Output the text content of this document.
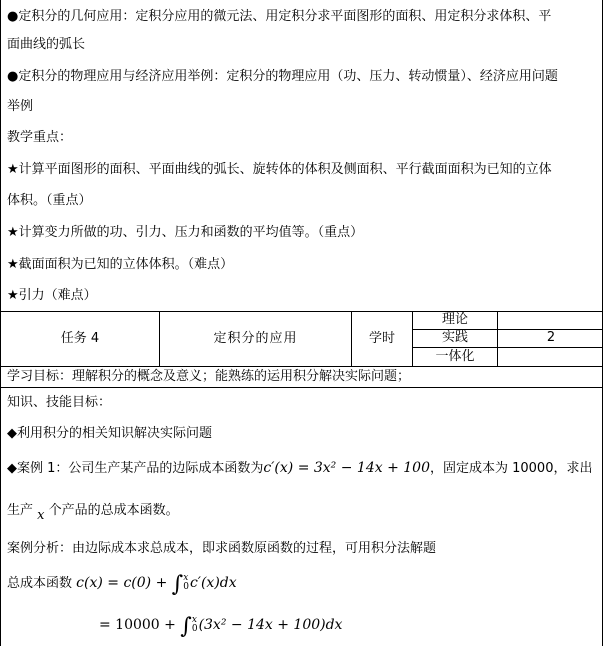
●定积分的几何应用：定积分应用的微元法、用定积分求平面图形的面积、用定积分求体积、平
面曲线的弧长
●定积分的物理应用与经济应用举例：定积分的物理应用（功、压力、转动惯量）、经济应用问题
举例
教学重点：
★计算平面图形的面积、平面曲线的弧长、旋转体的体积及侧面积、平行截面面积为已知的立体
体积。（重点）
★计算变力所做的功、引力、压力和函数的平均值等。（重点）
★截面面积为已知的立体体积。（难点）
★引力（难点）
任务 4	定积分的应用	学时
理论
实践
一体化
2
学习目标：理解积分的概念及意义；能熟练的运用积分解决实际问题；
知识、技能目标：
◆利用积分的相关知识解决实际问题
◆案例 1：公司生产某产品的边际成本函数为c′(x) = 3x² − 14x + 100，固定成本为 10000，求出
生产 x 个产品的总成本函数。
案例分析：由边际成本求总成本，即求函数原函数的过程，可用积分法解题
总成本函数 c(x) = c(0) + ∫ x
0 c′(x)dx
= 10000 + ∫ x
0 (3x² − 14x + 100)dx
